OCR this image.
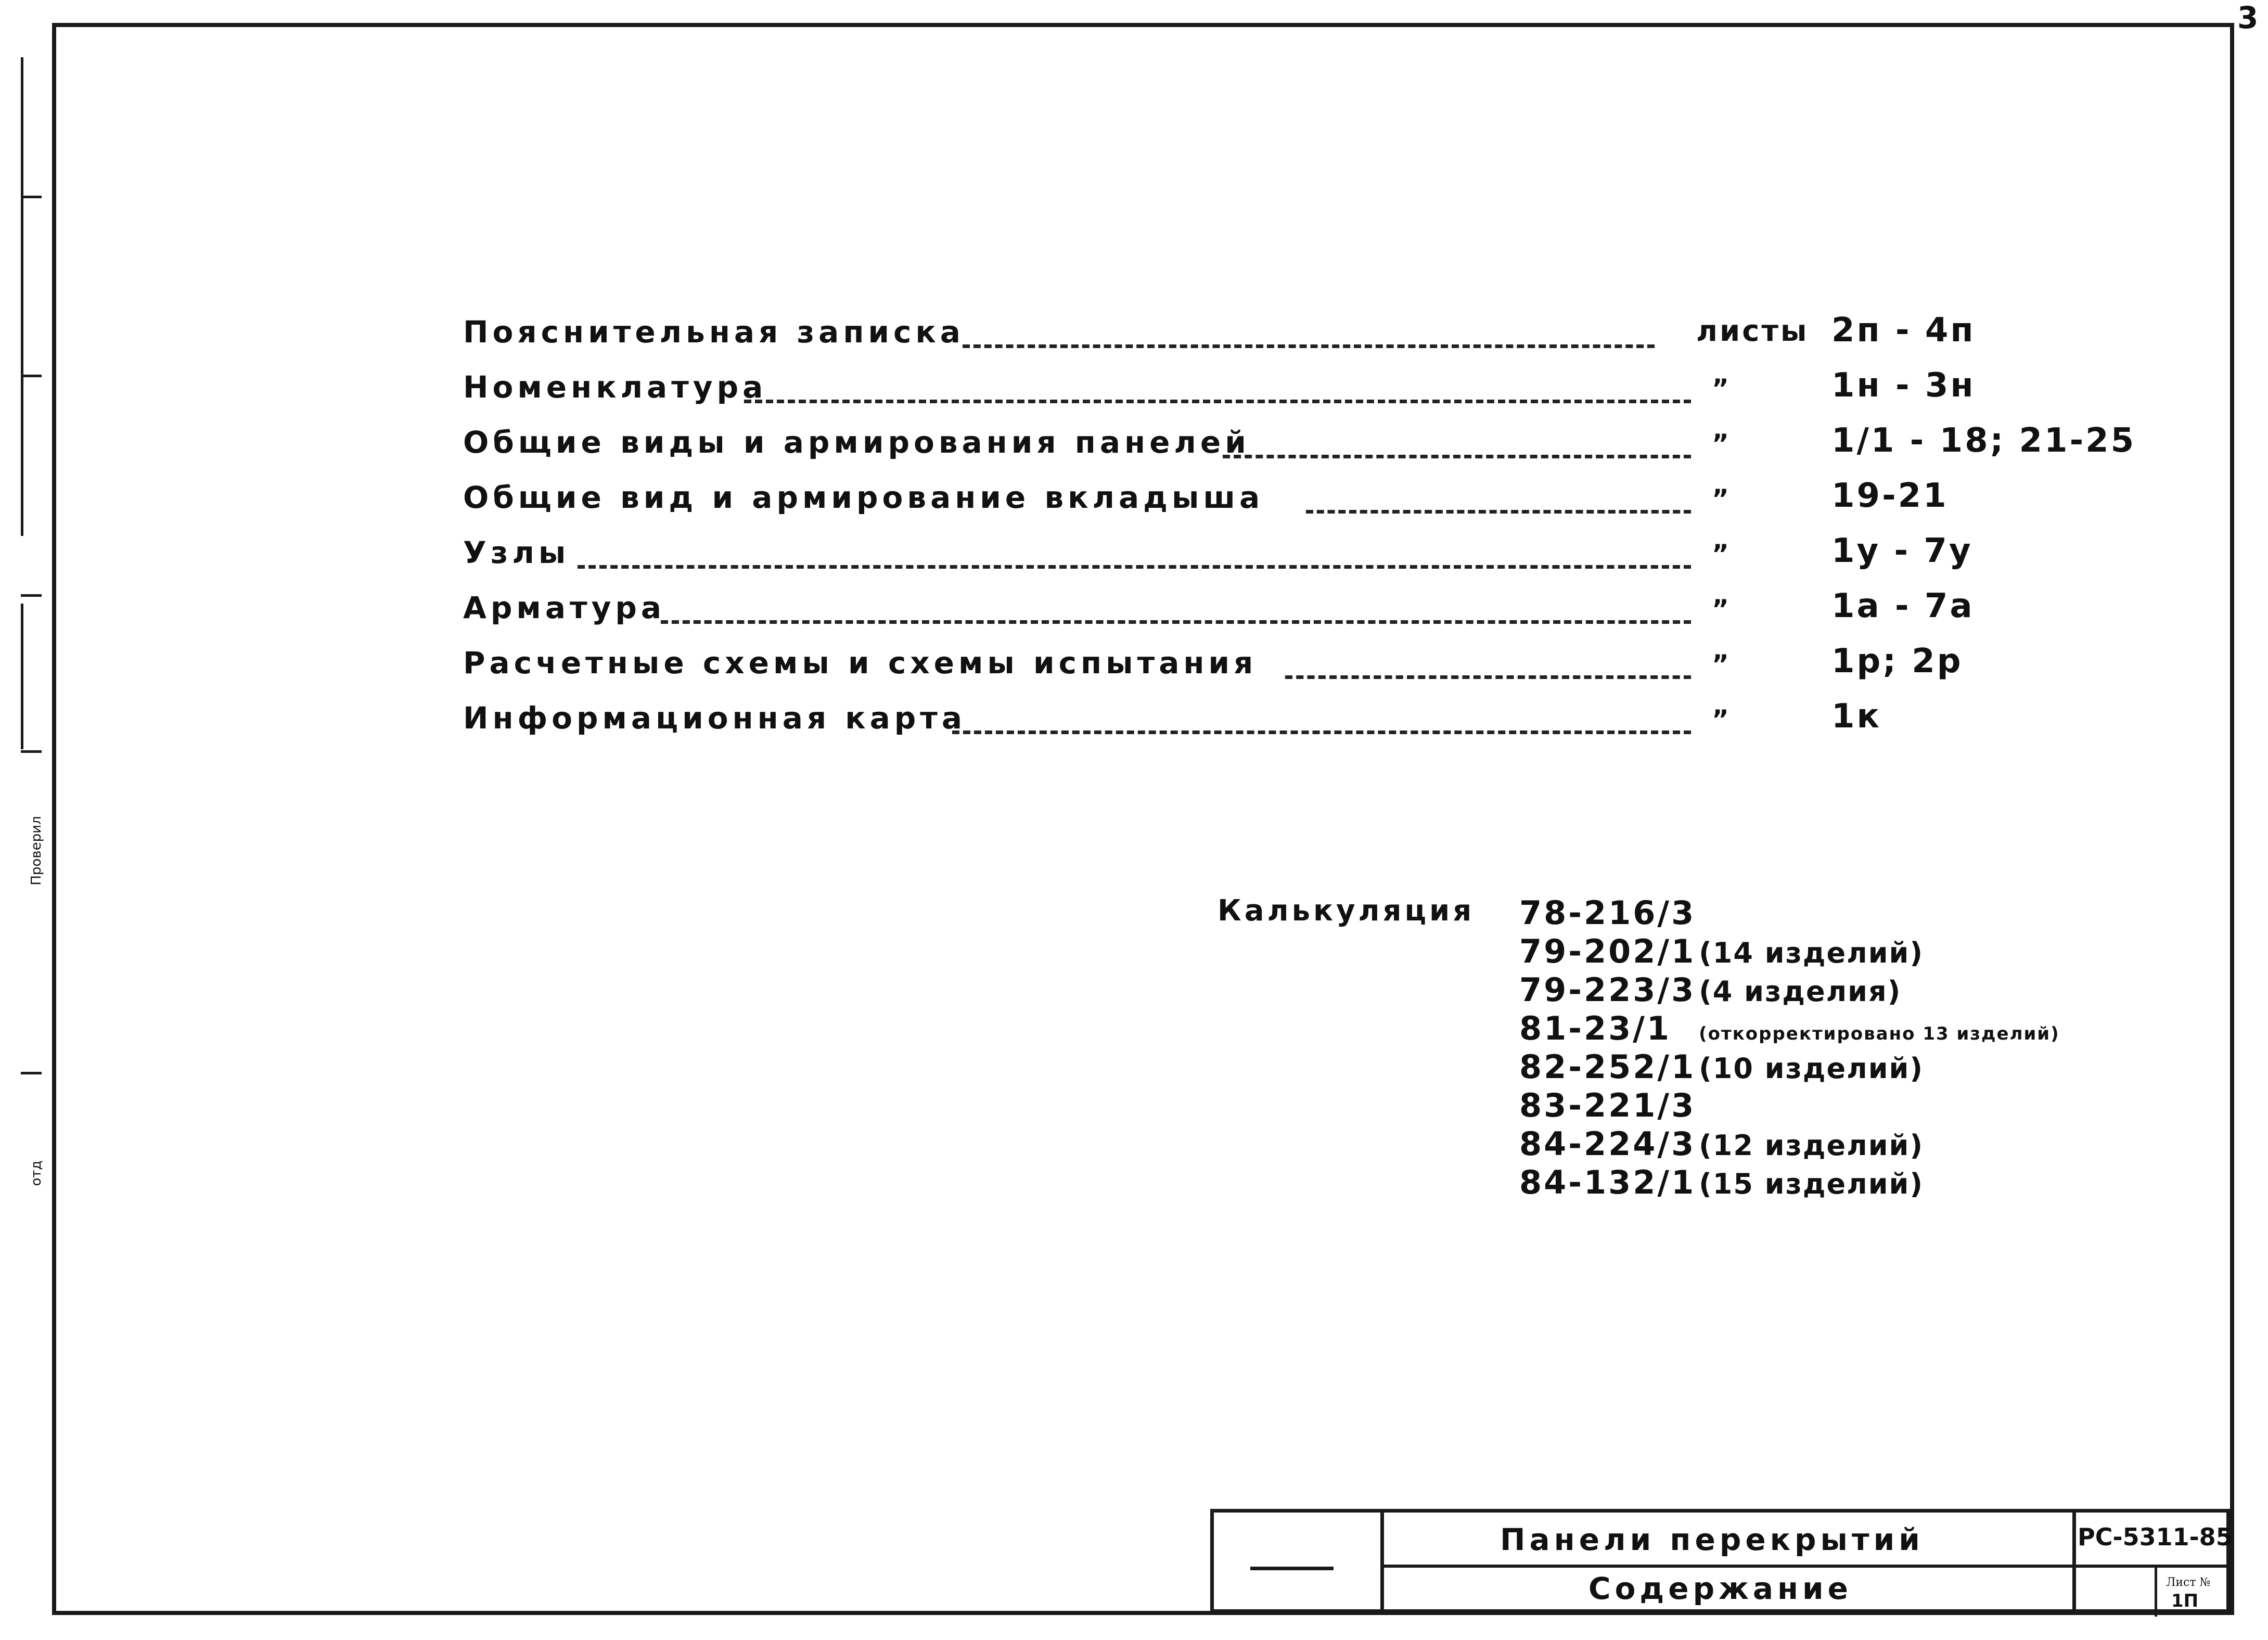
3
Проверил
отд
Пояснительная записка	листы 2п - 4п
Номенклатура	”	1н - 3н
Общие виды и армирования панелей	”	1/1 - 18; 21-25
Общие вид и армирование вкладыша	”	19-21
Узлы	”	1у - 7у
Арматура	”	1а - 7а
Расчетные схемы и схемы испытания	”	1р; 2р
Информационная карта	”	1к
Калькуляция 78-216/3
79-202/1 (14 изделий)
79-223/3 (4 изделия)
81-23/1 (откорректировано 13 изделий)
82-252/1 (10 изделий)
83-221/3
84-224/3 (12 изделий)
84-132/1 (15 изделий)
Панели перекрытий
Содержание
РС-5311-85
Лист №
1П
